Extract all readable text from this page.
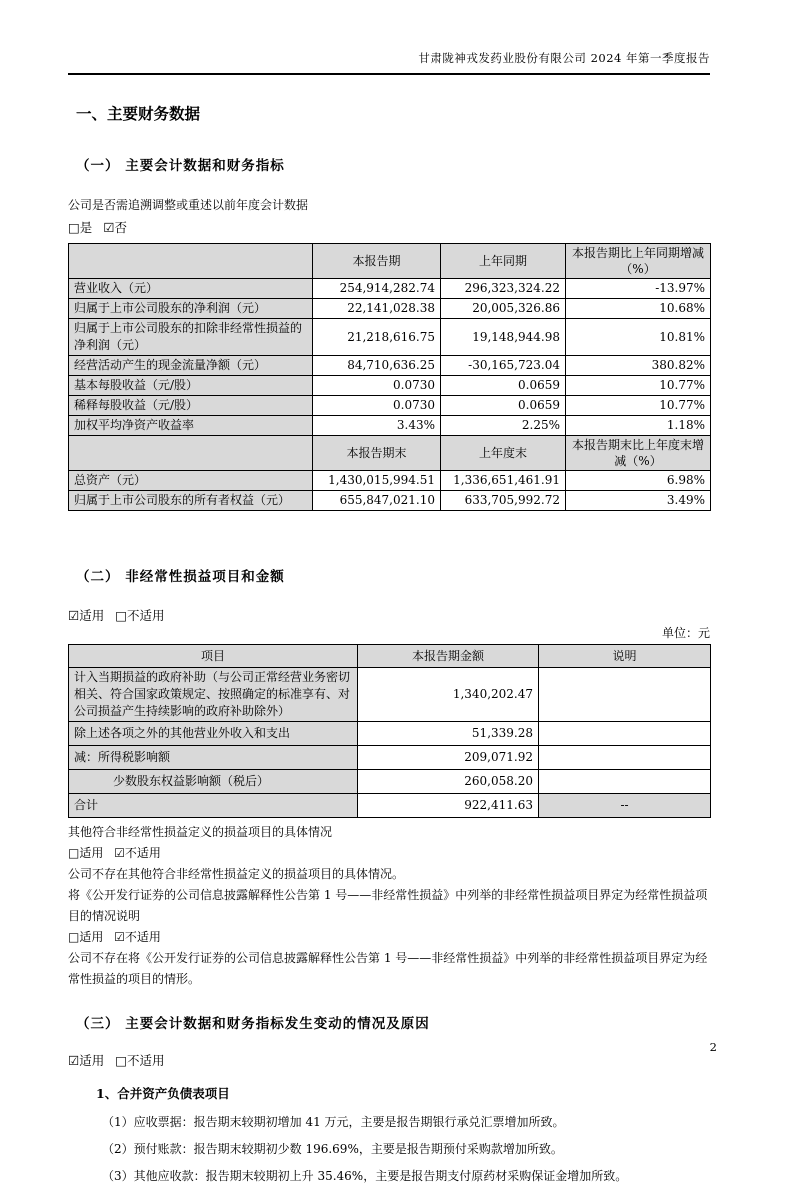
甘肃陇神戎发药业股份有限公司 2024 年第一季度报告
一、主要财务数据
（一） 主要会计数据和财务指标
公司是否需追溯调整或重述以前年度会计数据
□是 ☑否
	本报告期	上年同期	本报告期比上年同期增减（%）
营业收入（元）	254,914,282.74	296,323,324.22	-13.97%
归属于上市公司股东的净利润（元）	22,141,028.38	20,005,326.86	10.68%
归属于上市公司股东的扣除非经常性损益的净利润（元）	21,218,616.75	19,148,944.98	10.81%
经营活动产生的现金流量净额（元）	84,710,636.25	-30,165,723.04	380.82%
基本每股收益（元/股）	0.0730	0.0659	10.77%
稀释每股收益（元/股）	0.0730	0.0659	10.77%
加权平均净资产收益率	3.43%	2.25%	1.18%
	本报告期末	上年度末	本报告期末比上年度末增减（%）
总资产（元）	1,430,015,994.51	1,336,651,461.91	6.98%
归属于上市公司股东的所有者权益（元）	655,847,021.10	633,705,992.72	3.49%
（二） 非经常性损益项目和金额
☑适用 □不适用
单位：元
项目	本报告期金额	说明
计入当期损益的政府补助（与公司正常经营业务密切相关、符合国家政策规定、按照确定的标准享有、对公司损益产生持续影响的政府补助除外）	1,340,202.47	
除上述各项之外的其他营业外收入和支出	51,339.28	
减：所得税影响额	209,071.92	
少数股东权益影响额（税后）	260,058.20	
合计	922,411.63	--
其他符合非经常性损益定义的损益项目的具体情况
□适用 ☑不适用
公司不存在其他符合非经常性损益定义的损益项目的具体情况。
将《公开发行证券的公司信息披露解释性公告第 1 号——非经常性损益》中列举的非经常性损益项目界定为经常性损益项目的情况说明
□适用 ☑不适用
公司不存在将《公开发行证券的公司信息披露解释性公告第 1 号——非经常性损益》中列举的非经常性损益项目界定为经常性损益的项目的情形。
（三） 主要会计数据和财务指标发生变动的情况及原因
☑适用 □不适用
1、合并资产负债表项目
（1）应收票据：报告期末较期初增加 41 万元，主要是报告期银行承兑汇票增加所致。
（2）预付账款：报告期末较期初少数 196.69%，主要是报告期预付采购款增加所致。
（3）其他应收款：报告期末较期初上升 35.46%，主要是报告期支付原药材采购保证金增加所致。
2
